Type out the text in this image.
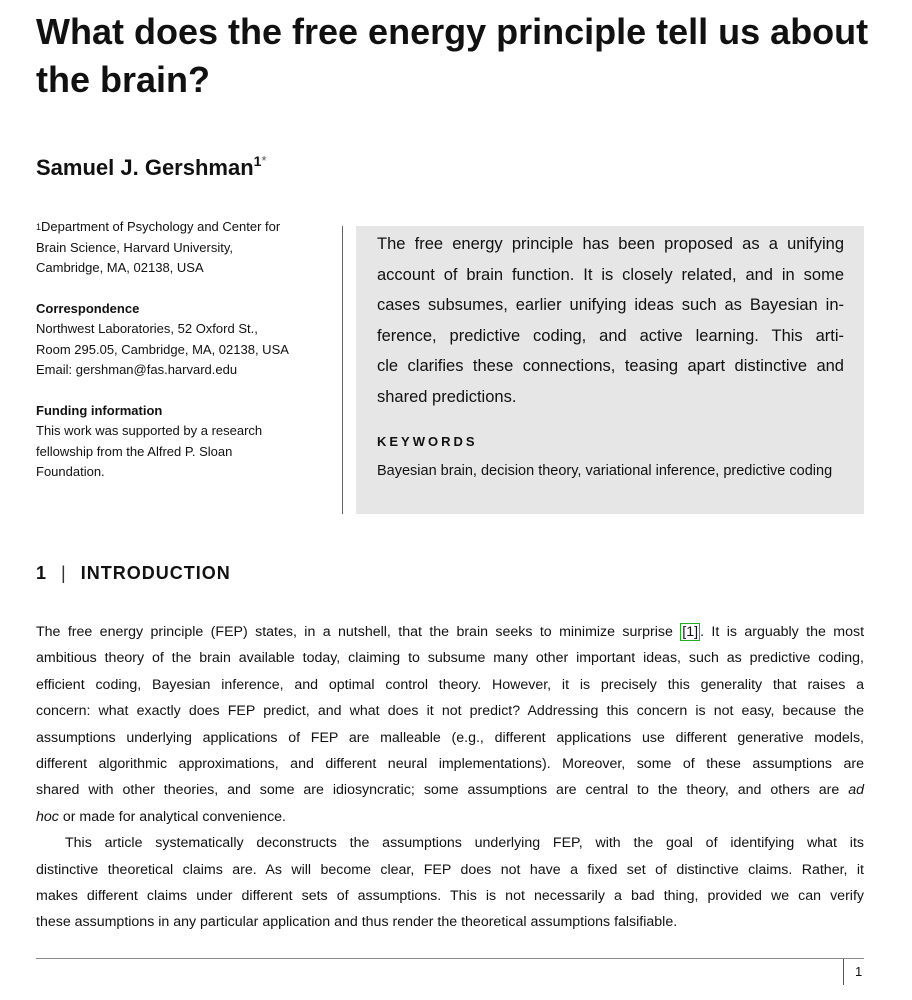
What does the free energy principle tell us about
the brain?
Samuel J. Gershman$^{1*}$
$^1$Department of Psychology and Center for
Brain Science, Harvard University,
Cambridge, MA, 02138, USA
Correspondence
Northwest Laboratories, 52 Oxford St.,
Room 295.05, Cambridge, MA, 02138, USA
Email: gershman@fas.harvard.edu
Funding information
This work was supported by a research
fellowship from the Alfred P. Sloan
Foundation.
The free energy principle has been proposed as a unifying
account of brain function. It is closely related, and in some
cases subsumes, earlier unifying ideas such as Bayesian in-
ference, predictive coding, and active learning. This arti-
cle clarifies these connections, teasing apart distinctive and
shared predictions.
KEYWORDS
Bayesian brain, decision theory, variational inference, predictive coding
1 | INTRODUCTION
The free energy principle (FEP) states, in a nutshell, that the brain seeks to minimize surprise [1] . It is arguably the most
ambitious theory of the brain available today, claiming to subsume many other important ideas, such as predictive coding,
efficient coding, Bayesian inference, and optimal control theory. However, it is precisely this generality that raises a
concern: what exactly does FEP predict, and what does it not predict? Addressing this concern is not easy, because the
assumptions underlying applications of FEP are malleable (e.g., different applications use different generative models,
different algorithmic approximations, and different neural implementations). Moreover, some of these assumptions are
shared with other theories, and some are idiosyncratic; some assumptions are central to the theory, and others are ad
hoc or made for analytical convenience.
This article systematically deconstructs the assumptions underlying FEP, with the goal of identifying what its
distinctive theoretical claims are. As will become clear, FEP does not have a fixed set of distinctive claims. Rather, it
makes different claims under different sets of assumptions. This is not necessarily a bad thing, provided we can verify
these assumptions in any particular application and thus render the theoretical assumptions falsifiable.
1
